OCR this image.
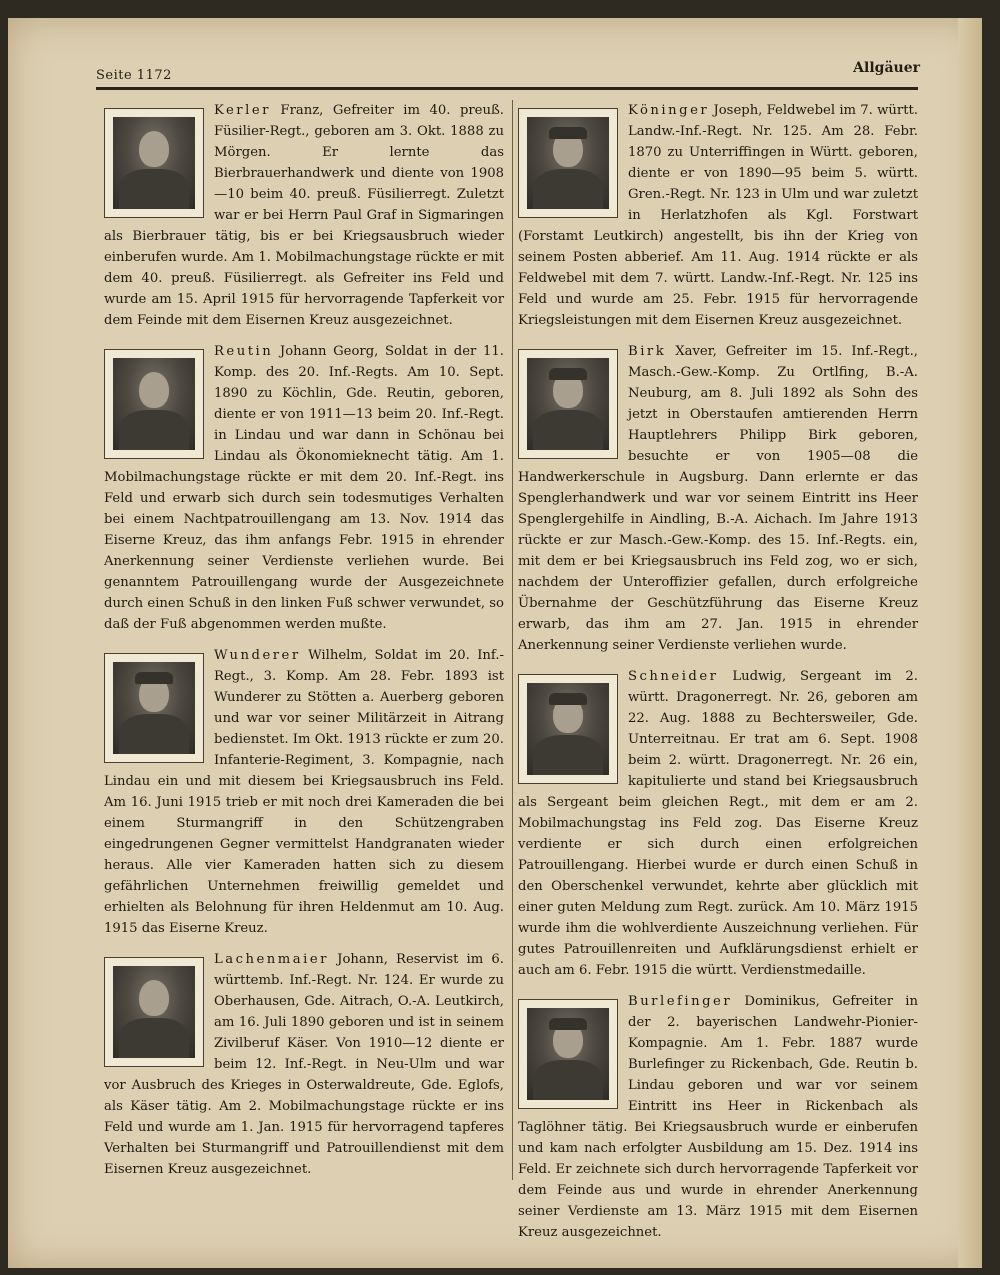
Seite 1172	Allgäuer

Kerler Franz, Gefreiter im 40. preuß. Füsilier-Regt., geboren am 3. Okt. 1888 zu Mörgen. Er lernte das Bierbrauerhandwerk und diente von 1908—10 beim 40. preuß. Füsilierregt. Zuletzt war er bei Herrn Paul Graf in Sigmaringen als Bierbrauer tätig, bis er bei Kriegsausbruch wieder einberufen wurde. Am 1. Mobilmachungstage rückte er mit dem 40. preuß. Füsilierregt. als Gefreiter ins Feld und wurde am 15. April 1915 für hervorragende Tapferkeit vor dem Feinde mit dem Eisernen Kreuz ausgezeichnet.

Reutin Johann Georg, Soldat in der 11. Komp. des 20. Inf.-Regts. Am 10. Sept. 1890 zu Köchlin, Gde. Reutin, geboren, diente er von 1911—13 beim 20. Inf.-Regt. in Lindau und war dann in Schönau bei Lindau als Ökonomieknecht tätig. Am 1. Mobilmachungstage rückte er mit dem 20. Inf.-Regt. ins Feld und erwarb sich durch sein todesmutiges Verhalten bei einem Nachtpatrouillengang am 13. Nov. 1914 das Eiserne Kreuz, das ihm anfangs Febr. 1915 in ehrender Anerkennung seiner Verdienste verliehen wurde. Bei genanntem Patrouillengang wurde der Ausgezeichnete durch einen Schuß in den linken Fuß schwer verwundet, so daß der Fuß abgenommen werden mußte.

Wunderer Wilhelm, Soldat im 20. Inf.-Regt., 3. Komp. Am 28. Febr. 1893 ist Wunderer zu Stötten a. Auerberg geboren und war vor seiner Militärzeit in Aitrang bedienstet. Im Okt. 1913 rückte er zum 20. Infanterie-Regiment, 3. Kompagnie, nach Lindau ein und mit diesem bei Kriegsausbruch ins Feld. Am 16. Juni 1915 trieb er mit noch drei Kameraden die bei einem Sturmangriff in den Schützengraben eingedrungenen Gegner vermittelst Handgranaten wieder heraus. Alle vier Kameraden hatten sich zu diesem gefährlichen Unternehmen freiwillig gemeldet und erhielten als Belohnung für ihren Heldenmut am 10. Aug. 1915 das Eiserne Kreuz.

Lachenmaier Johann, Reservist im 6. württemb. Inf.-Regt. Nr. 124. Er wurde zu Oberhausen, Gde. Aitrach, O.-A. Leutkirch, am 16. Juli 1890 geboren und ist in seinem Zivilberuf Käser. Von 1910—12 diente er beim 12. Inf.-Regt. in Neu-Ulm und war vor Ausbruch des Krieges in Osterwaldreute, Gde. Eglofs, als Käser tätig. Am 2. Mobilmachungstage rückte er ins Feld und wurde am 1. Jan. 1915 für hervorragend tapferes Verhalten bei Sturmangriff und Patrouillendienst mit dem Eisernen Kreuz ausgezeichnet.

Köninger Joseph, Feldwebel im 7. württ. Landw.-Inf.-Regt. Nr. 125. Am 28. Febr. 1870 zu Unterriffingen in Württ. geboren, diente er von 1890—95 beim 5. württ. Gren.-Regt. Nr. 123 in Ulm und war zuletzt in Herlatzhofen als Kgl. Forstwart (Forstamt Leutkirch) angestellt, bis ihn der Krieg von seinem Posten abberief. Am 11. Aug. 1914 rückte er als Feldwebel mit dem 7. württ. Landw.-Inf.-Regt. Nr. 125 ins Feld und wurde am 25. Febr. 1915 für hervorragende Kriegsleistungen mit dem Eisernen Kreuz ausgezeichnet.

Birk Xaver, Gefreiter im 15. Inf.-Regt., Masch.-Gew.-Komp. Zu Ortlfing, B.-A. Neuburg, am 8. Juli 1892 als Sohn des jetzt in Oberstaufen amtierenden Herrn Hauptlehrers Philipp Birk geboren, besuchte er von 1905—08 die Handwerkerschule in Augsburg. Dann erlernte er das Spenglerhandwerk und war vor seinem Eintritt ins Heer Spenglergehilfe in Aindling, B.-A. Aichach. Im Jahre 1913 rückte er zur Masch.-Gew.-Komp. des 15. Inf.-Regts. ein, mit dem er bei Kriegsausbruch ins Feld zog, wo er sich, nachdem der Unteroffizier gefallen, durch erfolgreiche Übernahme der Geschützführung das Eiserne Kreuz erwarb, das ihm am 27. Jan. 1915 in ehrender Anerkennung seiner Verdienste verliehen wurde.

Schneider Ludwig, Sergeant im 2. württ. Dragonerregt. Nr. 26, geboren am 22. Aug. 1888 zu Bechtersweiler, Gde. Unterreitnau. Er trat am 6. Sept. 1908 beim 2. württ. Dragonerregt. Nr. 26 ein, kapitulierte und stand bei Kriegsausbruch als Sergeant beim gleichen Regt., mit dem er am 2. Mobilmachungstag ins Feld zog. Das Eiserne Kreuz verdiente er sich durch einen erfolgreichen Patrouillengang. Hierbei wurde er durch einen Schuß in den Oberschenkel verwundet, kehrte aber glücklich mit einer guten Meldung zum Regt. zurück. Am 10. März 1915 wurde ihm die wohlverdiente Auszeichnung verliehen. Für gutes Patrouillenreiten und Aufklärungsdienst erhielt er auch am 6. Febr. 1915 die württ. Verdienstmedaille.

Burlefinger Dominikus, Gefreiter in der 2. bayerischen Landwehr-Pionier-Kompagnie. Am 1. Febr. 1887 wurde Burlefinger zu Rickenbach, Gde. Reutin b. Lindau geboren und war vor seinem Eintritt ins Heer in Rickenbach als Taglöhner tätig. Bei Kriegsausbruch wurde er einberufen und kam nach erfolgter Ausbildung am 15. Dez. 1914 ins Feld. Er zeichnete sich durch hervorragende Tapferkeit vor dem Feinde aus und wurde in ehrender Anerkennung seiner Verdienste am 13. März 1915 mit dem Eisernen Kreuz ausgezeichnet.
